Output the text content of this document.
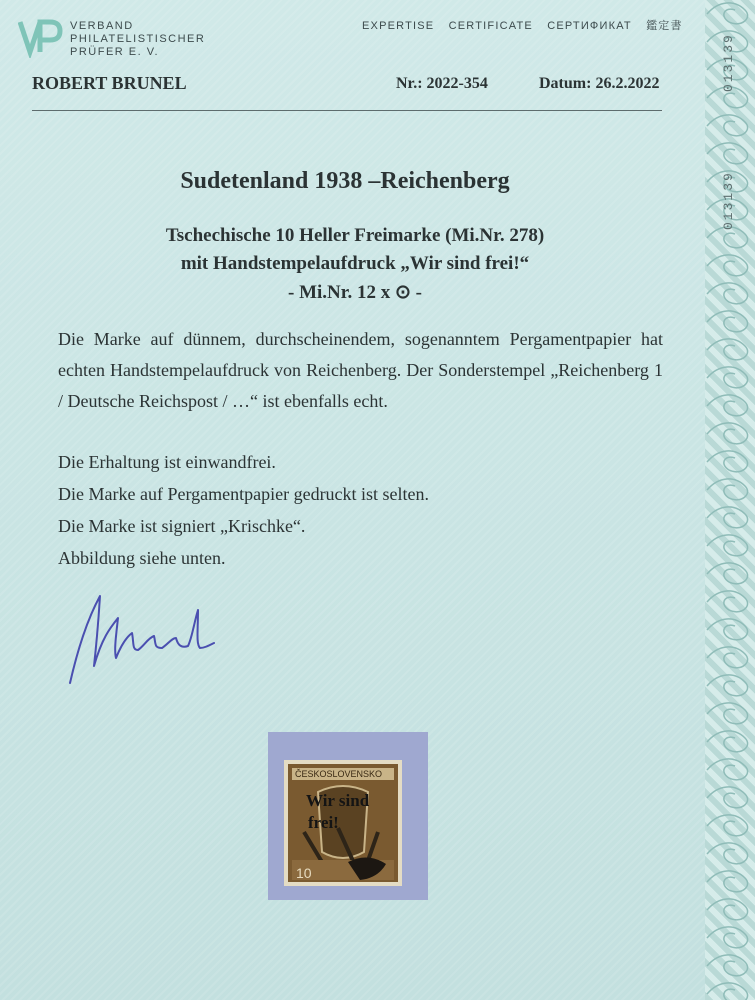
013139
013139
VERBAND
PHILATELISTISCHER
PRÜFER E. V.
EXPERTISE CERTIFICATE СЕРТИФИКАТ 鑑定書
ROBERT BRUNEL	Nr.: 2022-354	Datum: 26.2.2022
Sudetenland 1938 –Reichenberg
Tschechische 10 Heller Freimarke (Mi.Nr. 278)
mit Handstempelaufdruck „Wir sind frei!“
- Mi.Nr. 12 x ⊙ -
Die Marke auf dünnem, durchscheinendem, sogenanntem Pergamentpapier hat echten Handstempelaufdruck von Reichenberg. Der Sonderstempel „Reichenberg 1 / Deutsche Reichspost / …“ ist ebenfalls echt.
Die Erhaltung ist einwandfrei.
Die Marke auf Pergamentpapier gedruckt ist selten.
Die Marke ist signiert „Krischke“.
Abbildung siehe unten.
ČESKOSLOVENSKO
10
Wir sind
frei!
